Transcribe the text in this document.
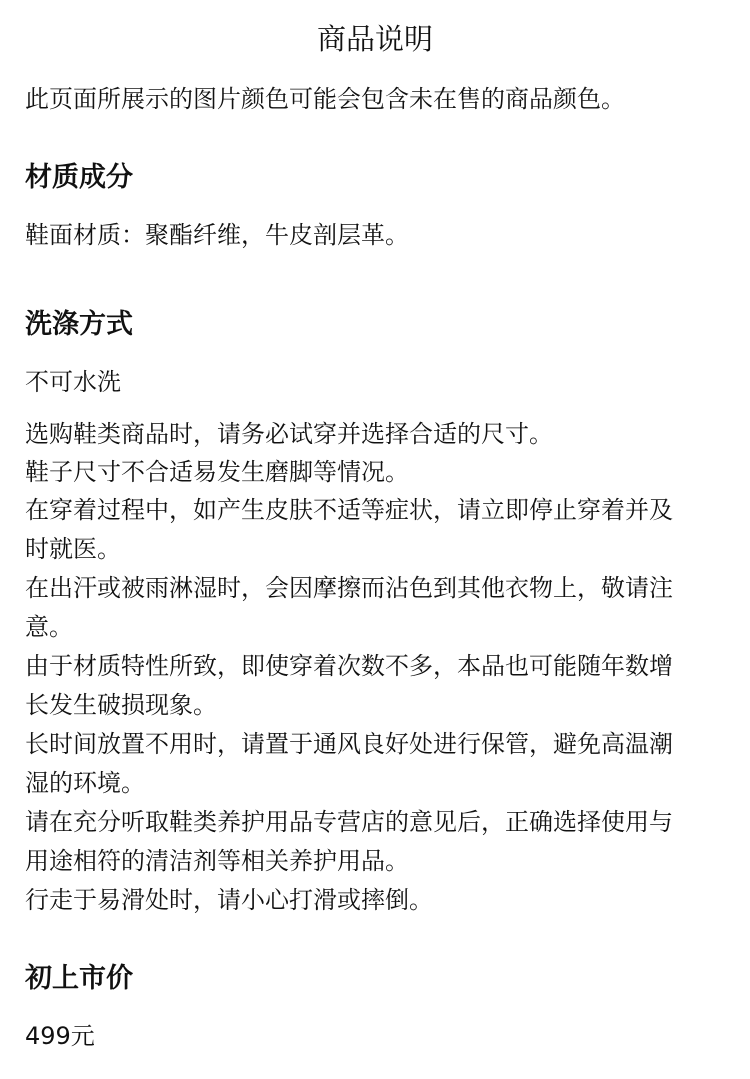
商品说明
此页面所展示的图片颜色可能会包含未在售的商品颜色。
材质成分
鞋面材质：聚酯纤维，牛皮剖层革。
洗涤方式
不可水洗
选购鞋类商品时，请务必试穿并选择合适的尺寸。
鞋子尺寸不合适易发生磨脚等情况。
在穿着过程中，如产生皮肤不适等症状，请立即停止穿着并及
时就医。
在出汗或被雨淋湿时，会因摩擦而沾色到其他衣物上，敬请注
意。
由于材质特性所致，即使穿着次数不多，本品也可能随年数增
长发生破损现象。
长时间放置不用时，请置于通风良好处进行保管，避免高温潮
湿的环境。
请在充分听取鞋类养护用品专营店的意见后，正确选择使用与
用途相符的清洁剂等相关养护用品。
行走于易滑处时，请小心打滑或摔倒。
初上市价
499元
